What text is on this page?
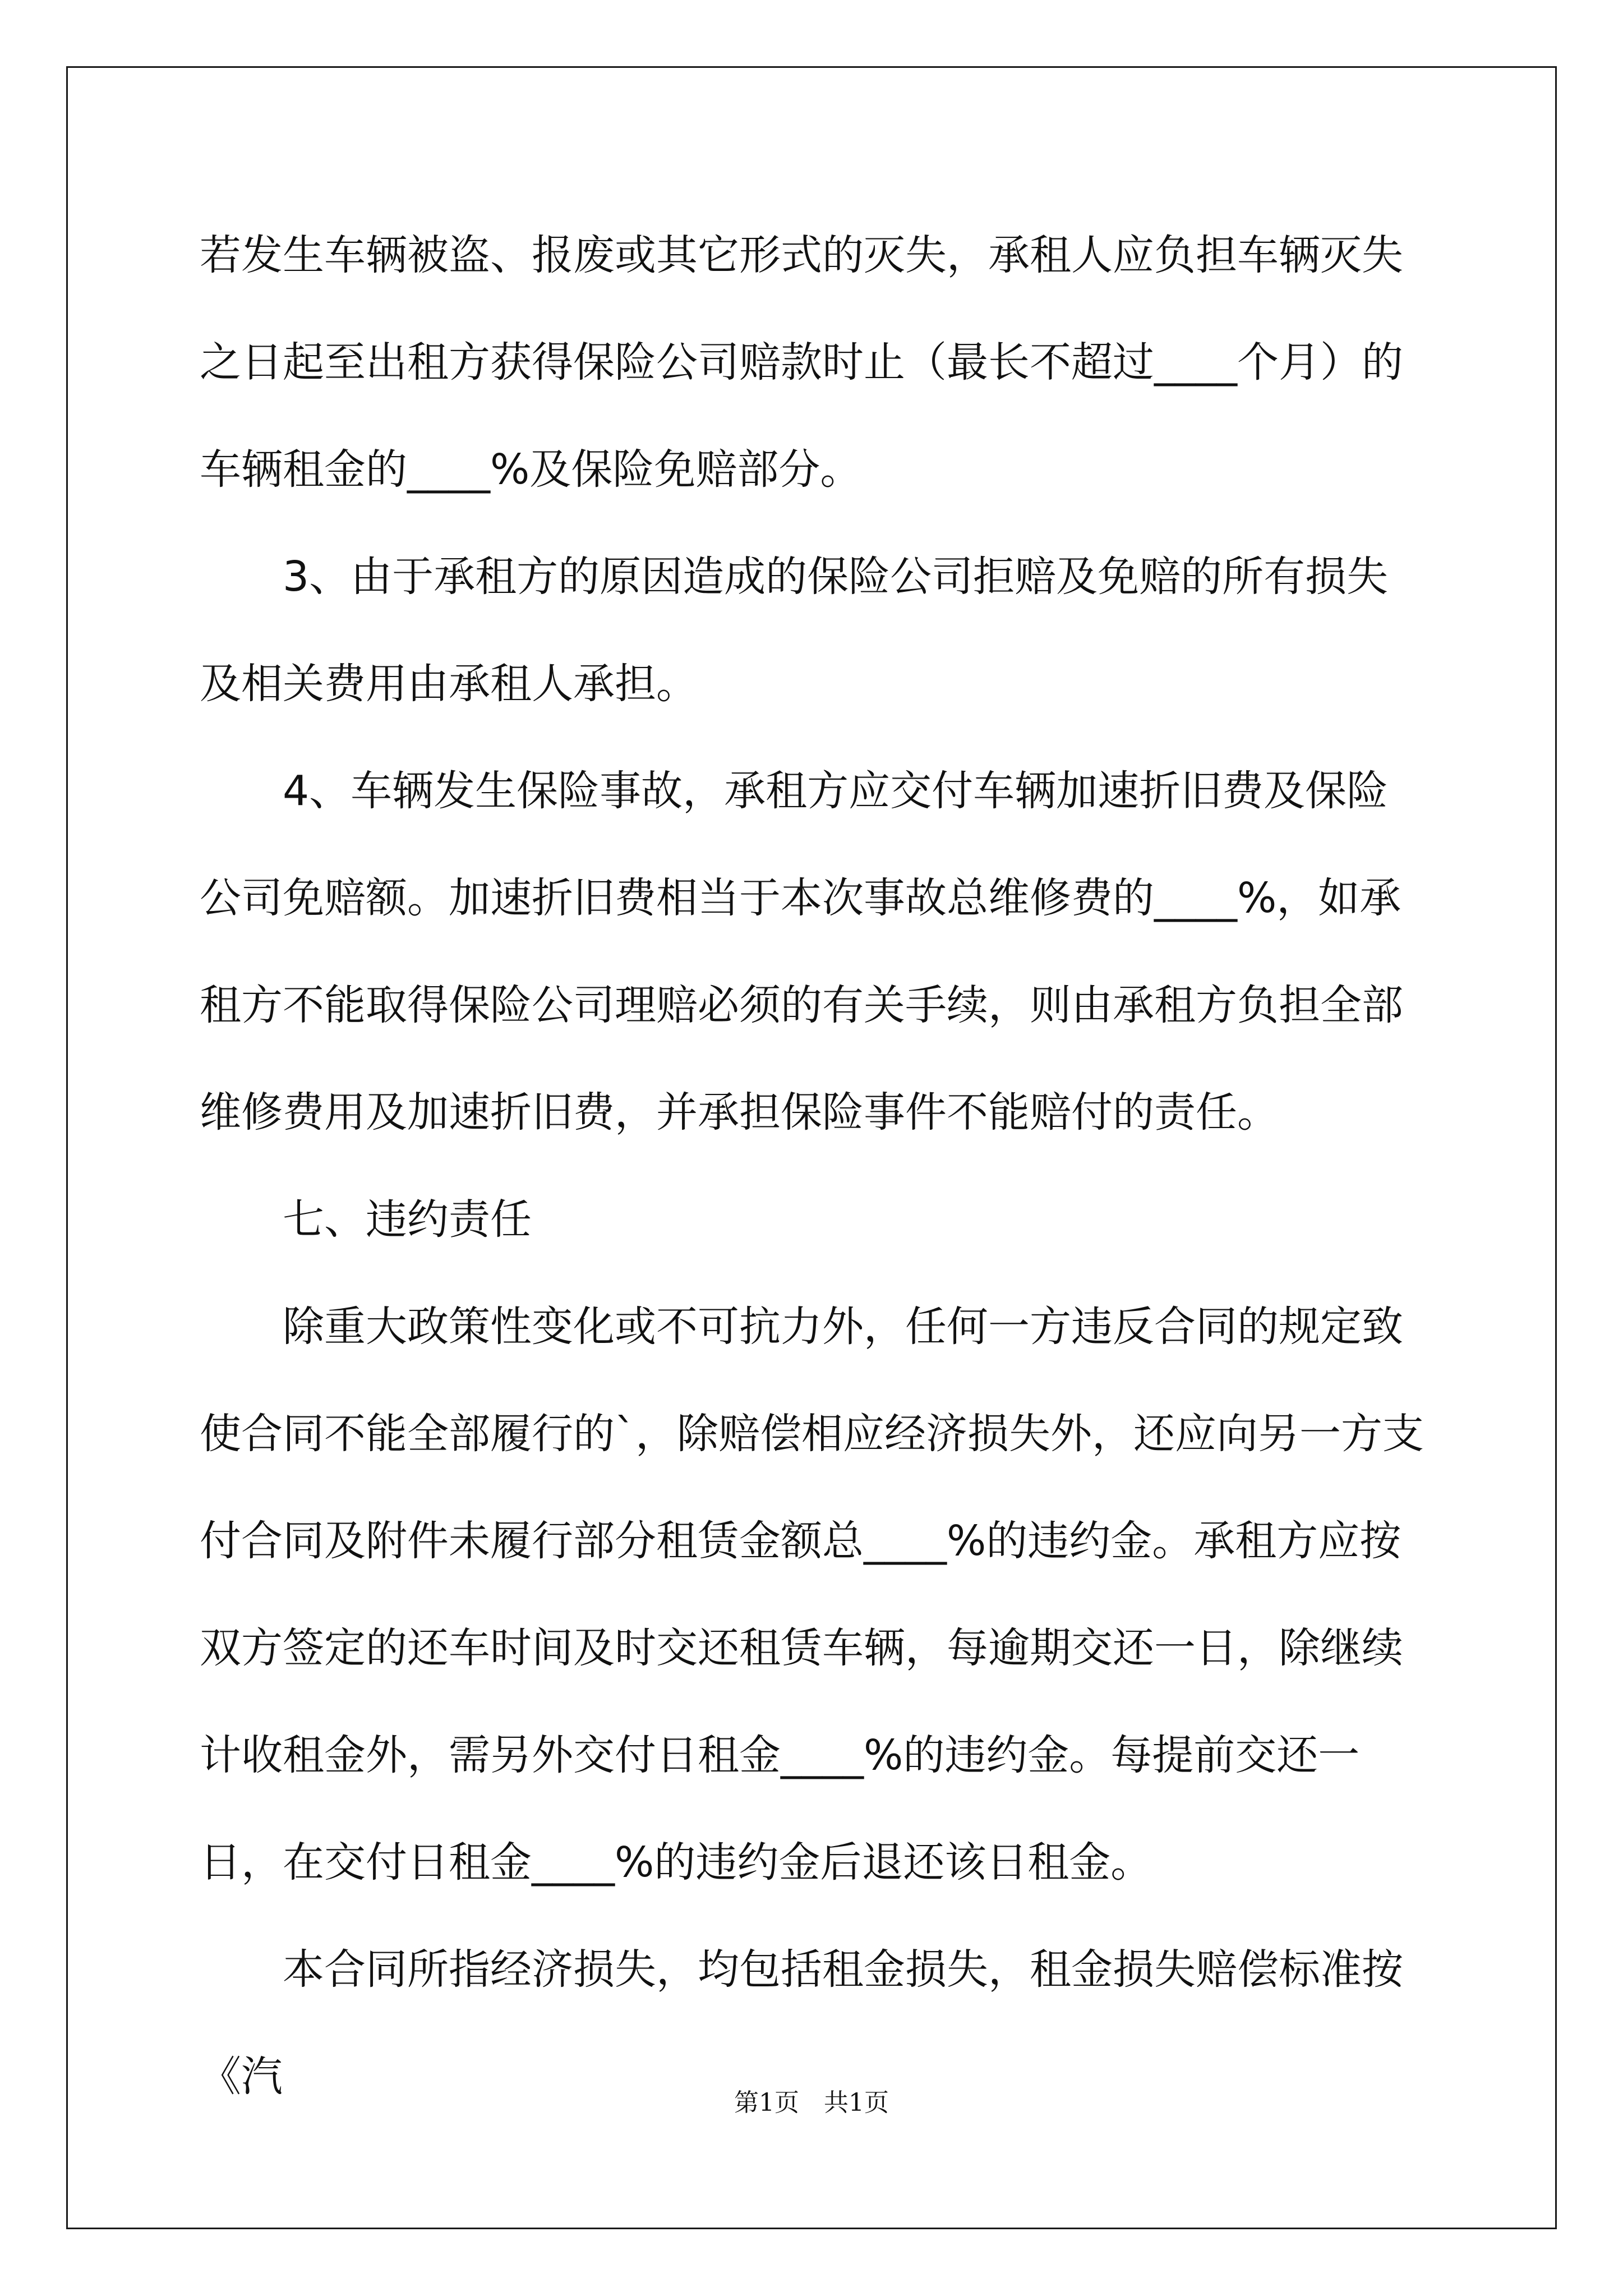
若发生车辆被盗、报废或其它形式的灭失，承租人应负担车辆灭失之日起至出租方获得保险公司赔款时止（最长不超过____个月）的车辆租金的____%及保险免赔部分。

3、由于承租方的原因造成的保险公司拒赔及免赔的所有损失及相关费用由承租人承担。

4、车辆发生保险事故，承租方应交付车辆加速折旧费及保险公司免赔额。加速折旧费相当于本次事故总维修费的____%，如承租方不能取得保险公司理赔必须的有关手续，则由承租方负担全部维修费用及加速折旧费，并承担保险事件不能赔付的责任。

七、违约责任

除重大政策性变化或不可抗力外，任何一方违反合同的规定致使合同不能全部履行的`，除赔偿相应经济损失外，还应向另一方支付合同及附件未履行部分租赁金额总____%的违约金。承租方应按双方签定的还车时间及时交还租赁车辆，每逾期交还一日，除继续计收租金外，需另外交付日租金____%的违约金。每提前交还一日，在交付日租金____%的违约金后退还该日租金。

本合同所指经济损失，均包括租金损失，租金损失赔偿标准按《汽

第1页　共1页
